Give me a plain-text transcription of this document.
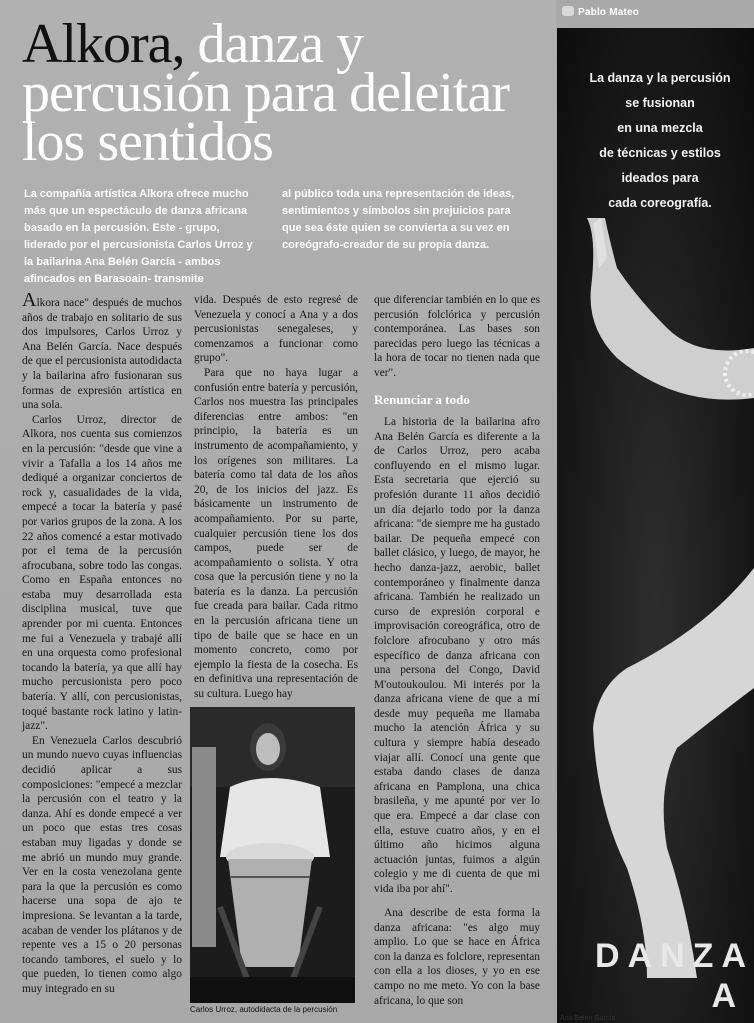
Pablo Mateo
Alkora, danza y percusión para deleitar los sentidos
La compañía artística Alkora ofrece mucho más que un espectáculo de danza africana basado en la percusión. Este - grupo, liderado por el percusionista Carlos Urroz y la bailarina Ana Belén García - ambos afincados en Barasoain- transmite
al público toda una representación de ideas, sentimientos y símbolos sin prejuicios para que sea éste quien se convierta a su vez en coreógrafo-creador de su propia danza.

Alkora nace" después de muchos años de trabajo en solitario de sus dos impulsores, Carlos Urroz y Ana Belén García. Nace después de que el percusionista autodidacta y la bailarina afro fusionaran sus formas de expresión artística en una sola.

Carlos Urroz, director de Alkora, nos cuenta sus comienzos en la percusión: "desde que vine a vivir a Tafalla a los 14 años me dediqué a organizar conciertos de rock y, casualidades de la vida, empecé a tocar la batería y pasé por varios grupos de la zona. A los 22 años comencé a estar motivado por el tema de la percusión afrocubana, sobre todo las congas. Como en España entonces no estaba muy desarrollada esta disciplina musical, tuve que aprender por mi cuenta. Entonces me fui a Venezuela y trabajé allí en una orquesta como profesional tocando la batería, ya que allí hay mucho percusionista pero poco batería. Y allí, con percusionistas, toqué bastante rock latino y latin-jazz".

En Venezuela Carlos descubrió un mundo nuevo cuyas influencias decidió aplicar a sus composiciones: "empecé a mezclar la percusión con el teatro y la danza. Ahí es donde empecé a ver un poco que estas tres cosas estaban muy ligadas y donde se me abrió un mundo muy grande. Ver en la costa venezolana gente para la que la percusión es como hacerse una sopa de ajo te impresiona. Se levantan a la tarde, acaban de vender los plátanos y de repente ves a 15 o 20 personas tocando tambores, el suelo y lo que pueden, lo tienen como algo muy integrado en su

vida. Después de esto regresé de Venezuela y conocí a Ana y a dos percusionistas senegaleses, y comenzamos a funcionar como grupo".

Para que no haya lugar a confusión entre batería y percusión, Carlos nos muestra las principales diferencias entre ambos: "en principio, la batería es un instrumento de acompañamiento, y los orígenes son militares. La batería como tal data de los años 20, de los inicios del jazz. Es básicamente un instrumento de acompañamiento. Por su parte, cualquier percusión tiene los dos campos, puede ser de acompañamiento o solista. Y otra cosa que la percusión tiene y no la batería es la danza. La percusión fue creada para bailar. Cada ritmo en la percusión africana tiene un tipo de baile que se hace en un momento concreto, como por ejemplo la fiesta de la cosecha. Es en definitiva una representación de su cultura. Luego hay

que diferenciar también en lo que es percusión folclórica y percusión contemporánea. Las bases son parecidas pero luego las técnicas a la hora de tocar no tienen nada que ver".

Renunciar a todo

La historia de la bailarina afro Ana Belén García es diferente a la de Carlos Urroz, pero acaba confluyendo en el mismo lugar. Esta secretaria que ejerció su profesión durante 11 años decidió un día dejarlo todo por la danza africana: "de siempre me ha gustado bailar. De pequeña empecé con ballet clásico, y luego, de mayor, he hecho danza-jazz, aerobic, ballet contemporáneo y finalmente danza africana. También he realizado un curso de expresión corporal e improvisación coreográfica, otro de folclore afrocubano y otro más específico de danza africana con una persona del Congo, David M'outoukoulou. Mi interés por la danza africana viene de que a mí desde muy pequeña me llamaba mucho la atención África y su cultura y siempre había deseado viajar allí. Conocí una gente que estaba dando clases de danza africana en Pamplona, una chica brasileña, y me apunté por ver lo que era. Empecé a dar clase con ella, estuve cuatro años, y en el último año hicimos alguna actuación juntas, fuimos a algún colegio y me di cuenta de que mi vida iba por ahí".

Ana describe de esta forma la danza africana: "es algo muy amplio. Lo que se hace en África con la danza es folclore, representan con ella a los dioses, y yo en ese campo no me meto. Yo con la base africana, lo que son

Carlos Urroz, autodidacta de la percusión
La danza y la percusión
se fusionan
en una mezcla
de técnicas y estilos
ideados para
cada coreografía.
DANZA
A
Ana Belén García
